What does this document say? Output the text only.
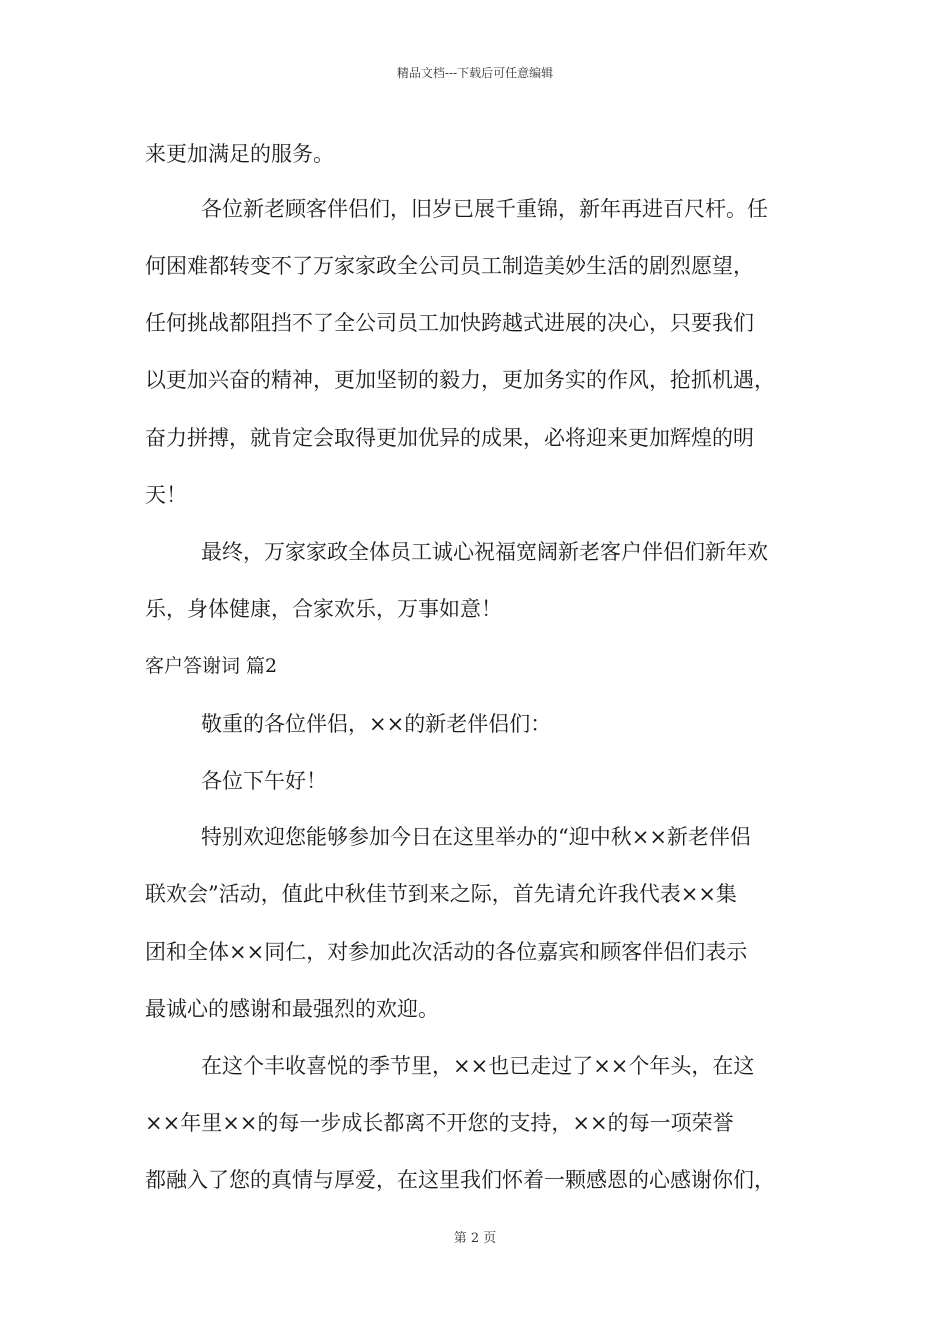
精品文档---下载后可任意编辑
来更加满足的服务。
各位新老顾客伴侣们，旧岁已展千重锦，新年再进百尺杆。任
何困难都转变不了万家家政全公司员工制造美妙生活的剧烈愿望，
任何挑战都阻挡不了全公司员工加快跨越式进展的决心，只要我们
以更加兴奋的精神，更加坚韧的毅力，更加务实的作风，抢抓机遇，
奋力拼搏，就肯定会取得更加优异的成果，必将迎来更加辉煌的明
天！
最终，万家家政全体员工诚心祝福宽阔新老客户伴侣们新年欢
乐，身体健康，合家欢乐，万事如意！
客户答谢词 篇2
敬重的各位伴侣，××的新老伴侣们：
各位下午好！
特别欢迎您能够参加今日在这里举办的“迎中秋××新老伴侣
联欢会”活动，值此中秋佳节到来之际，首先请允许我代表××集
团和全体××同仁，对参加此次活动的各位嘉宾和顾客伴侣们表示
最诚心的感谢和最强烈的欢迎。
在这个丰收喜悦的季节里，××也已走过了××个年头，在这
××年里××的每一步成长都离不开您的支持，××的每一项荣誉
都融入了您的真情与厚爱，在这里我们怀着一颗感恩的心感谢你们，
第 2 页
